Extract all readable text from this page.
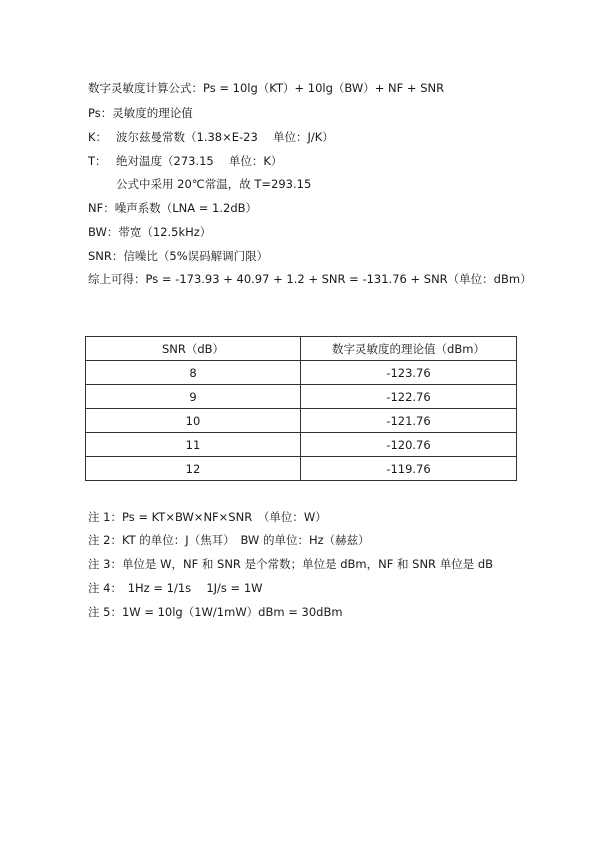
数字灵敏度计算公式：Ps = 10lg（KT）+ 10lg（BW）+ NF + SNR
Ps：灵敏度的理论值
K： 波尔兹曼常数（1.38×E-23　 单位：J/K）
T： 绝对温度（273.15　 单位：K）
公式中采用 20℃常温，故 T=293.15
NF：噪声系数（LNA = 1.2dB）
BW：带宽（12.5kHz）
SNR：信噪比（5%误码解调门限）
综上可得：Ps = -173.93 + 40.97 + 1.2 + SNR = -131.76 + SNR（单位：dBm）
SNR（dB）	数字灵敏度的理论值（dBm）
8	-123.76
9	-122.76
10	-121.76
11	-120.76
12	-119.76
注 1：Ps = KT×BW×NF×SNR　（单位：W）
注 2：KT 的单位：J（焦耳）　BW 的单位：Hz（赫兹）
注 3：单位是 W，NF 和 SNR 是个常数；单位是 dBm，NF 和 SNR 单位是 dB
注 4：　1Hz = 1/1s　 1J/s = 1W
注 5：1W = 10lg（1W/1mW）dBm = 30dBm
